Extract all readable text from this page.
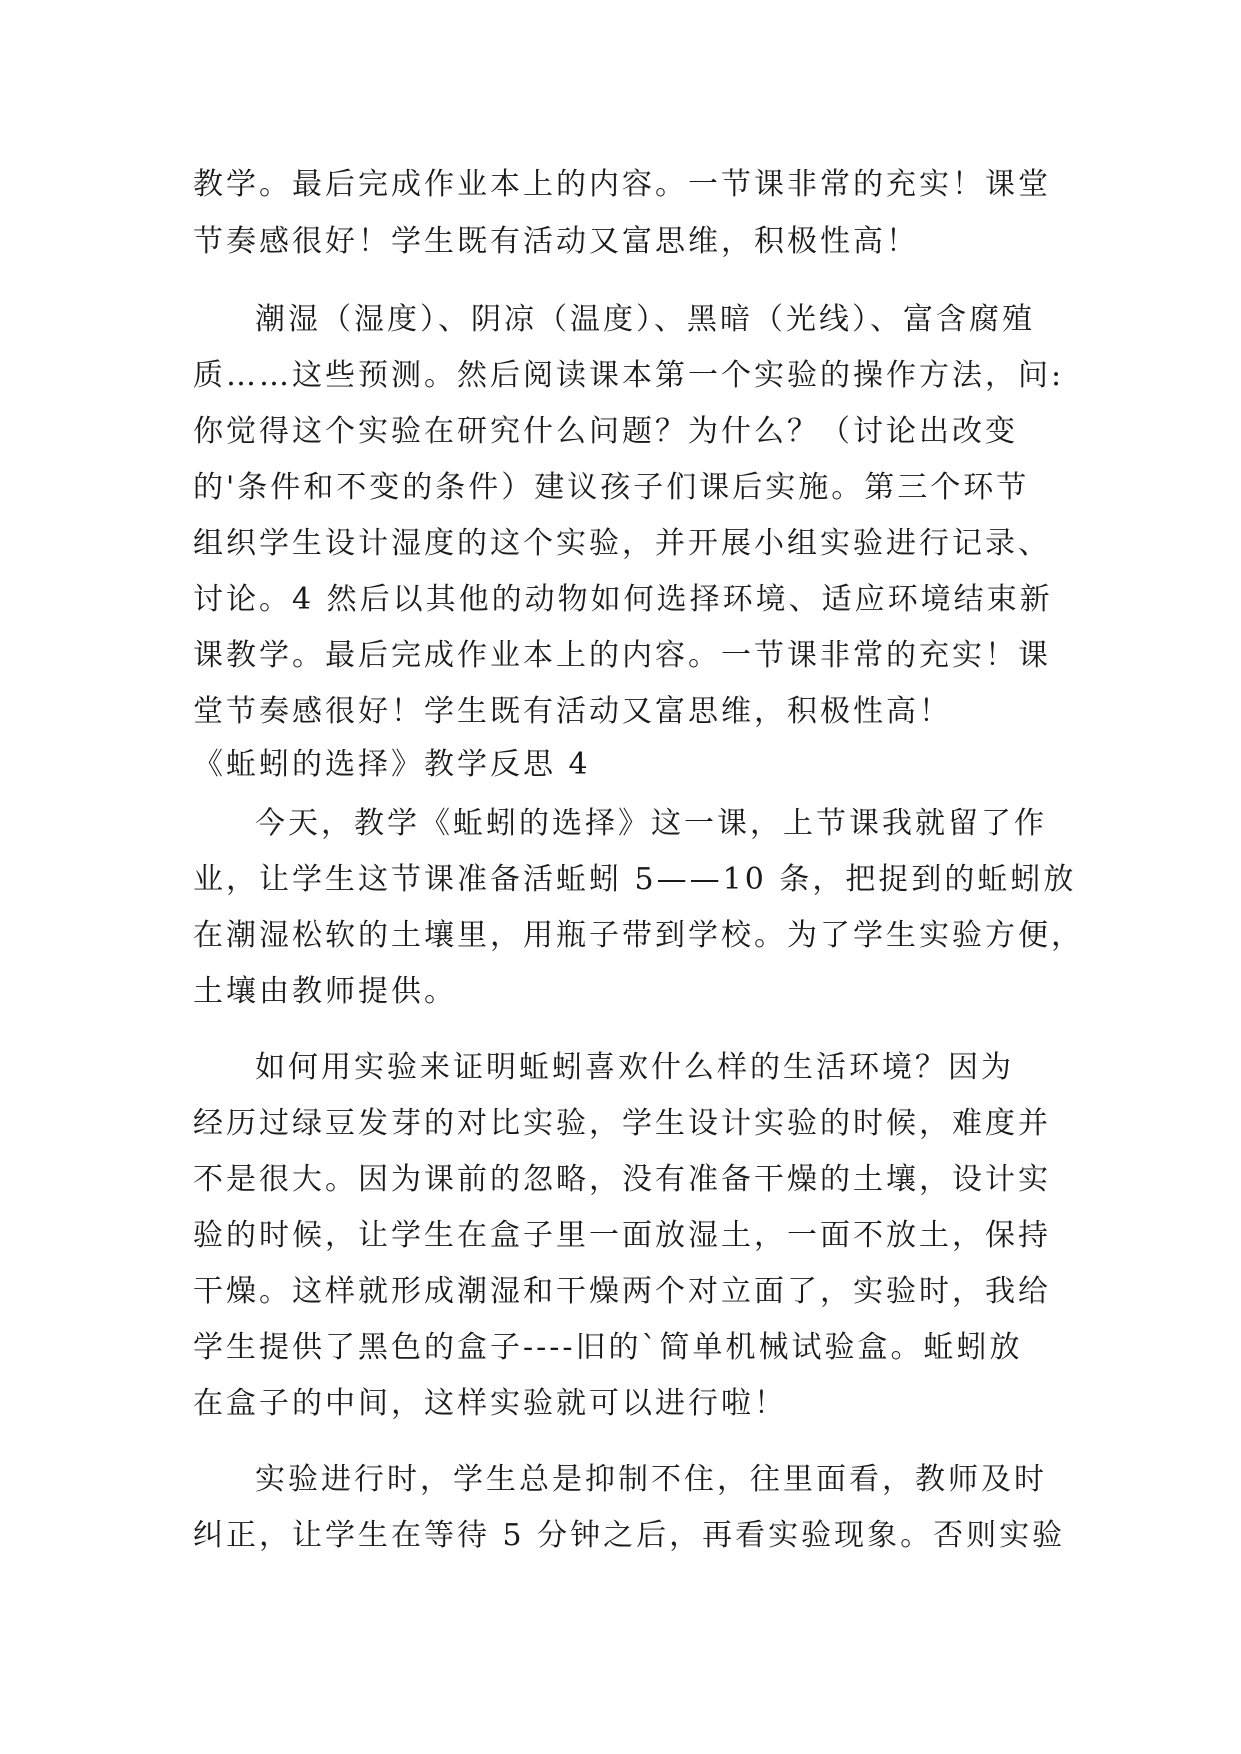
教学。最后完成作业本上的内容。一节课非常的充实！课堂
节奏感很好！学生既有活动又富思维，积极性高！
潮湿（湿度）、阴凉（温度）、黑暗（光线）、富含腐殖
质……这些预测。然后阅读课本第一个实验的操作方法，问:
你觉得这个实验在研究什么问题？为什么？（讨论出改变
的'条件和不变的条件）建议孩子们课后实施。第三个环节
组织学生设计湿度的这个实验，并开展小组实验进行记录、
讨论。4 然后以其他的动物如何选择环境、适应环境结束新
课教学。最后完成作业本上的内容。一节课非常的充实！课
堂节奏感很好！学生既有活动又富思维，积极性高！
《蚯蚓的选择》教学反思 4
今天，教学《蚯蚓的选择》这一课，上节课我就留了作
业，让学生这节课准备活蚯蚓 5——10 条，把捉到的蚯蚓放
在潮湿松软的土壤里，用瓶子带到学校。为了学生实验方便，
土壤由教师提供。
如何用实验来证明蚯蚓喜欢什么样的生活环境？因为
经历过绿豆发芽的对比实验，学生设计实验的时候，难度并
不是很大。因为课前的忽略，没有准备干燥的土壤，设计实
验的时候，让学生在盒子里一面放湿土，一面不放土，保持
干燥。这样就形成潮湿和干燥两个对立面了，实验时，我给
学生提供了黑色的盒子----旧的`简单机械试验盒。蚯蚓放
在盒子的中间，这样实验就可以进行啦！
实验进行时，学生总是抑制不住，往里面看，教师及时
纠正，让学生在等待 5 分钟之后，再看实验现象。否则实验
